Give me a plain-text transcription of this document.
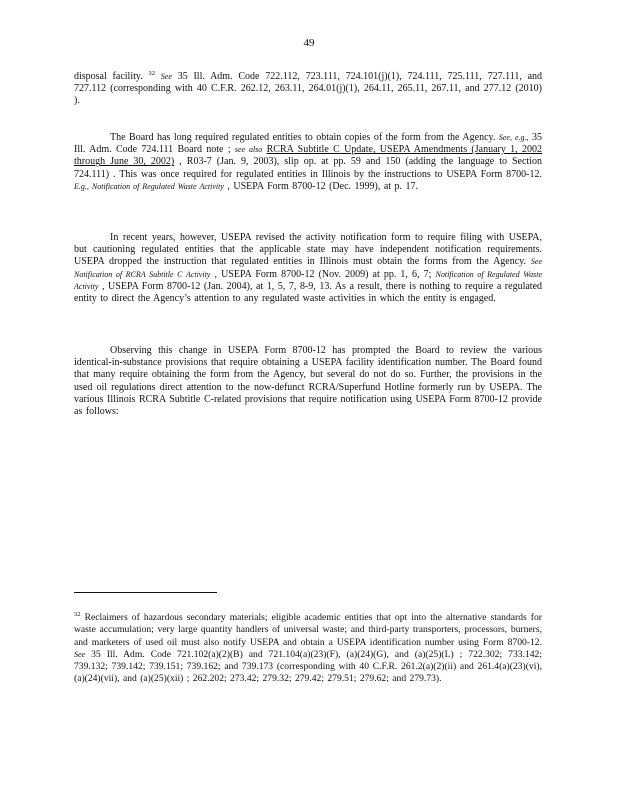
49

disposal facility. $^{32}$ See 35 Ill. Adm. Code 722.112, 723.111, 724.101(j)(1), 724.111, 725.111, 727.111, and 727.112 (corresponding with 40 C.F.R. 262.12, 263.11, 264.01(j)(1), 264.11, 265.11, 267.11, and 277.12 (2010) ).

The Board has long required regulated entities to obtain copies of the form from the Agency. See, e.g., 35 Ill. Adm. Code 724.111 Board note ; see also RCRA Subtitle C Update, USEPA Amendments (January 1, 2002 through June 30, 2002) , R03-7 (Jan. 9, 2003), slip op. at pp. 59 and 150 (adding the language to Section 724.111) . This was once required for regulated entities in Illinois by the instructions to USEPA Form 8700-12. E.g., Notification of Regulated Waste Activity , USEPA Form 8700-12 (Dec. 1999), at p. 17.

In recent years, however, USEPA revised the activity notification form to require filing with USEPA, but cautioning regulated entities that the applicable state may have independent notification requirements. USEPA dropped the instruction that regulated entities in Illinois must obtain the forms from the Agency. See Notification of RCRA Subtitle C Activity , USEPA Form 8700-12 (Nov. 2009) at pp. 1, 6, 7; Notification of Regulated Waste Activity , USEPA Form 8700-12 (Jan. 2004), at 1, 5, 7, 8-9, 13. As a result, there is nothing to require a regulated entity to direct the Agency’s attention to any regulated waste activities in which the entity is engaged.

Observing this change in USEPA Form 8700-12 has prompted the Board to review the various identical-in-substance provisions that require obtaining a USEPA facility identification number. The Board found that many require obtaining the form from the Agency, but several do not do so. Further, the provisions in the used oil regulations direct attention to the now-defunct RCRA/Superfund Hotline formerly run by USEPA. The various Illinois RCRA Subtitle C-related provisions that require notification using USEPA Form 8700-12 provide as follows:

$^{32}$ Reclaimers of hazardous secondary materials; eligible academic entities that opt into the alternative standards for waste accumulation; very large quantity handlers of universal waste; and third-party transporters, processors, burners, and marketers of used oil must also notify USEPA and obtain a USEPA identification number using Form 8700-12. See 35 Ill. Adm. Code 721.102(a)(2)(B) and 721.104(a)(23)(F), (a)(24)(G), and (a)(25)(L) ; 722.302; 733.142; 739.132; 739.142; 739.151; 739.162; and 739.173 (corresponding with 40 C.F.R. 261.2(a)(2)(ii) and 261.4(a)(23)(vi), (a)(24)(vii), and (a)(25)(xii) ; 262.202; 273.42; 279.32; 279.42; 279.51; 279.62; and 279.73).
